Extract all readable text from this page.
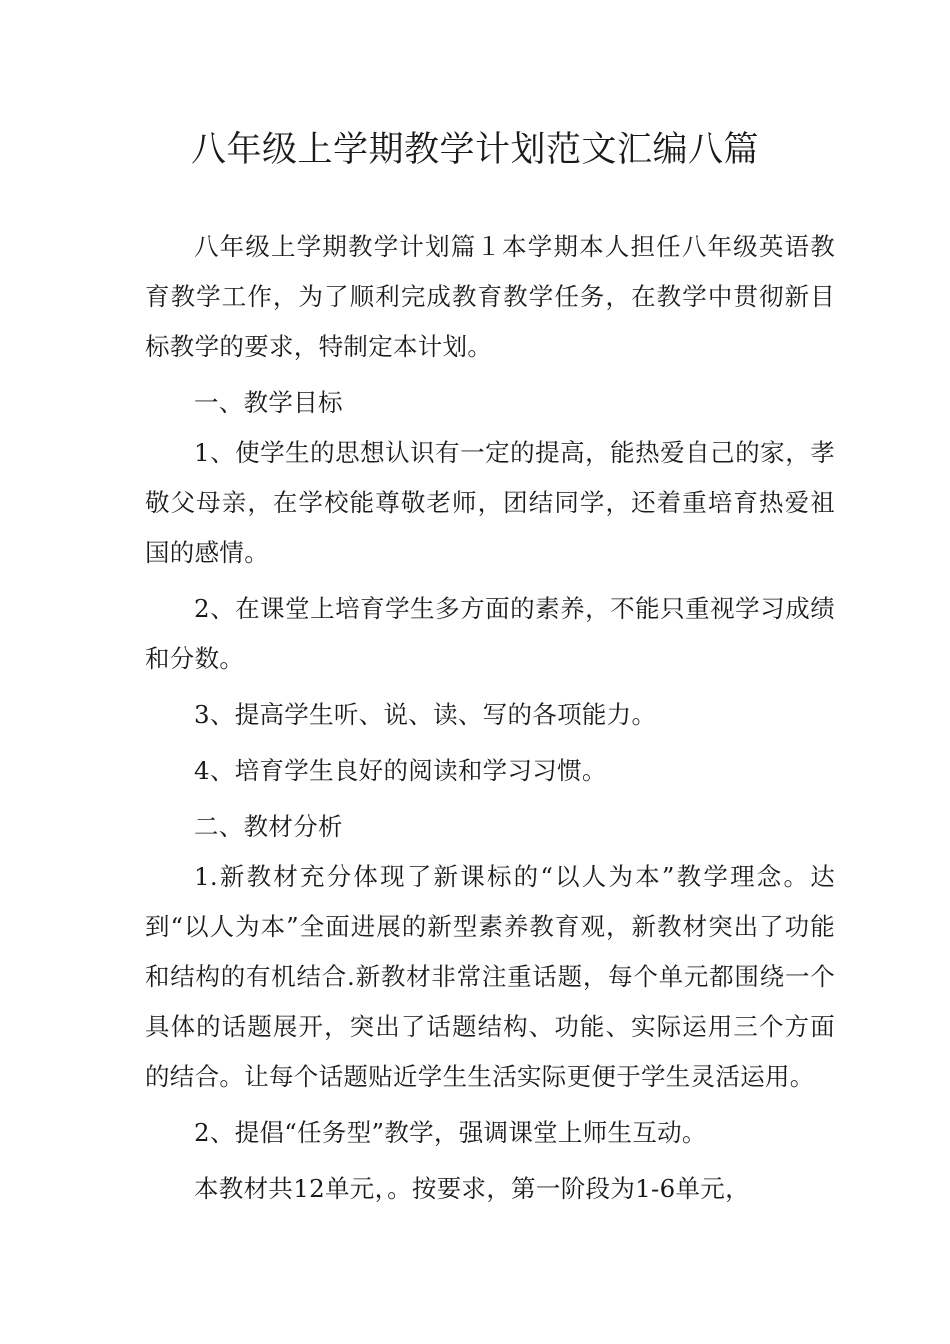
八年级上学期教学计划范文汇编八篇

八年级上学期教学计划篇１本学期本人担任八年级英语教育教学工作，为了顺利完成教育教学任务，在教学中贯彻新目标教学的要求，特制定本计划。

一、教学目标

1、使学生的思想认识有一定的提高，能热爱自己的家，孝敬父母亲，在学校能尊敬老师，团结同学，还着重培育热爱祖国的感情。

2、在课堂上培育学生多方面的素养，不能只重视学习成绩和分数。

3、提高学生听、说、读、写的各项能力。

4、培育学生良好的阅读和学习习惯。

二、教材分析

1.新教材充分体现了新课标的“以人为本”教学理念。达到“以人为本”全面进展的新型素养教育观，新教材突出了功能和结构的有机结合.新教材非常注重话题，每个单元都围绕一个具体的话题展开，突出了话题结构、功能、实际运用三个方面的结合。让每个话题贴近学生生活实际更便于学生灵活运用。

2、提倡“任务型”教学，强调课堂上师生互动。

本教材共12单元，。按要求，第一阶段为1-6单元，
